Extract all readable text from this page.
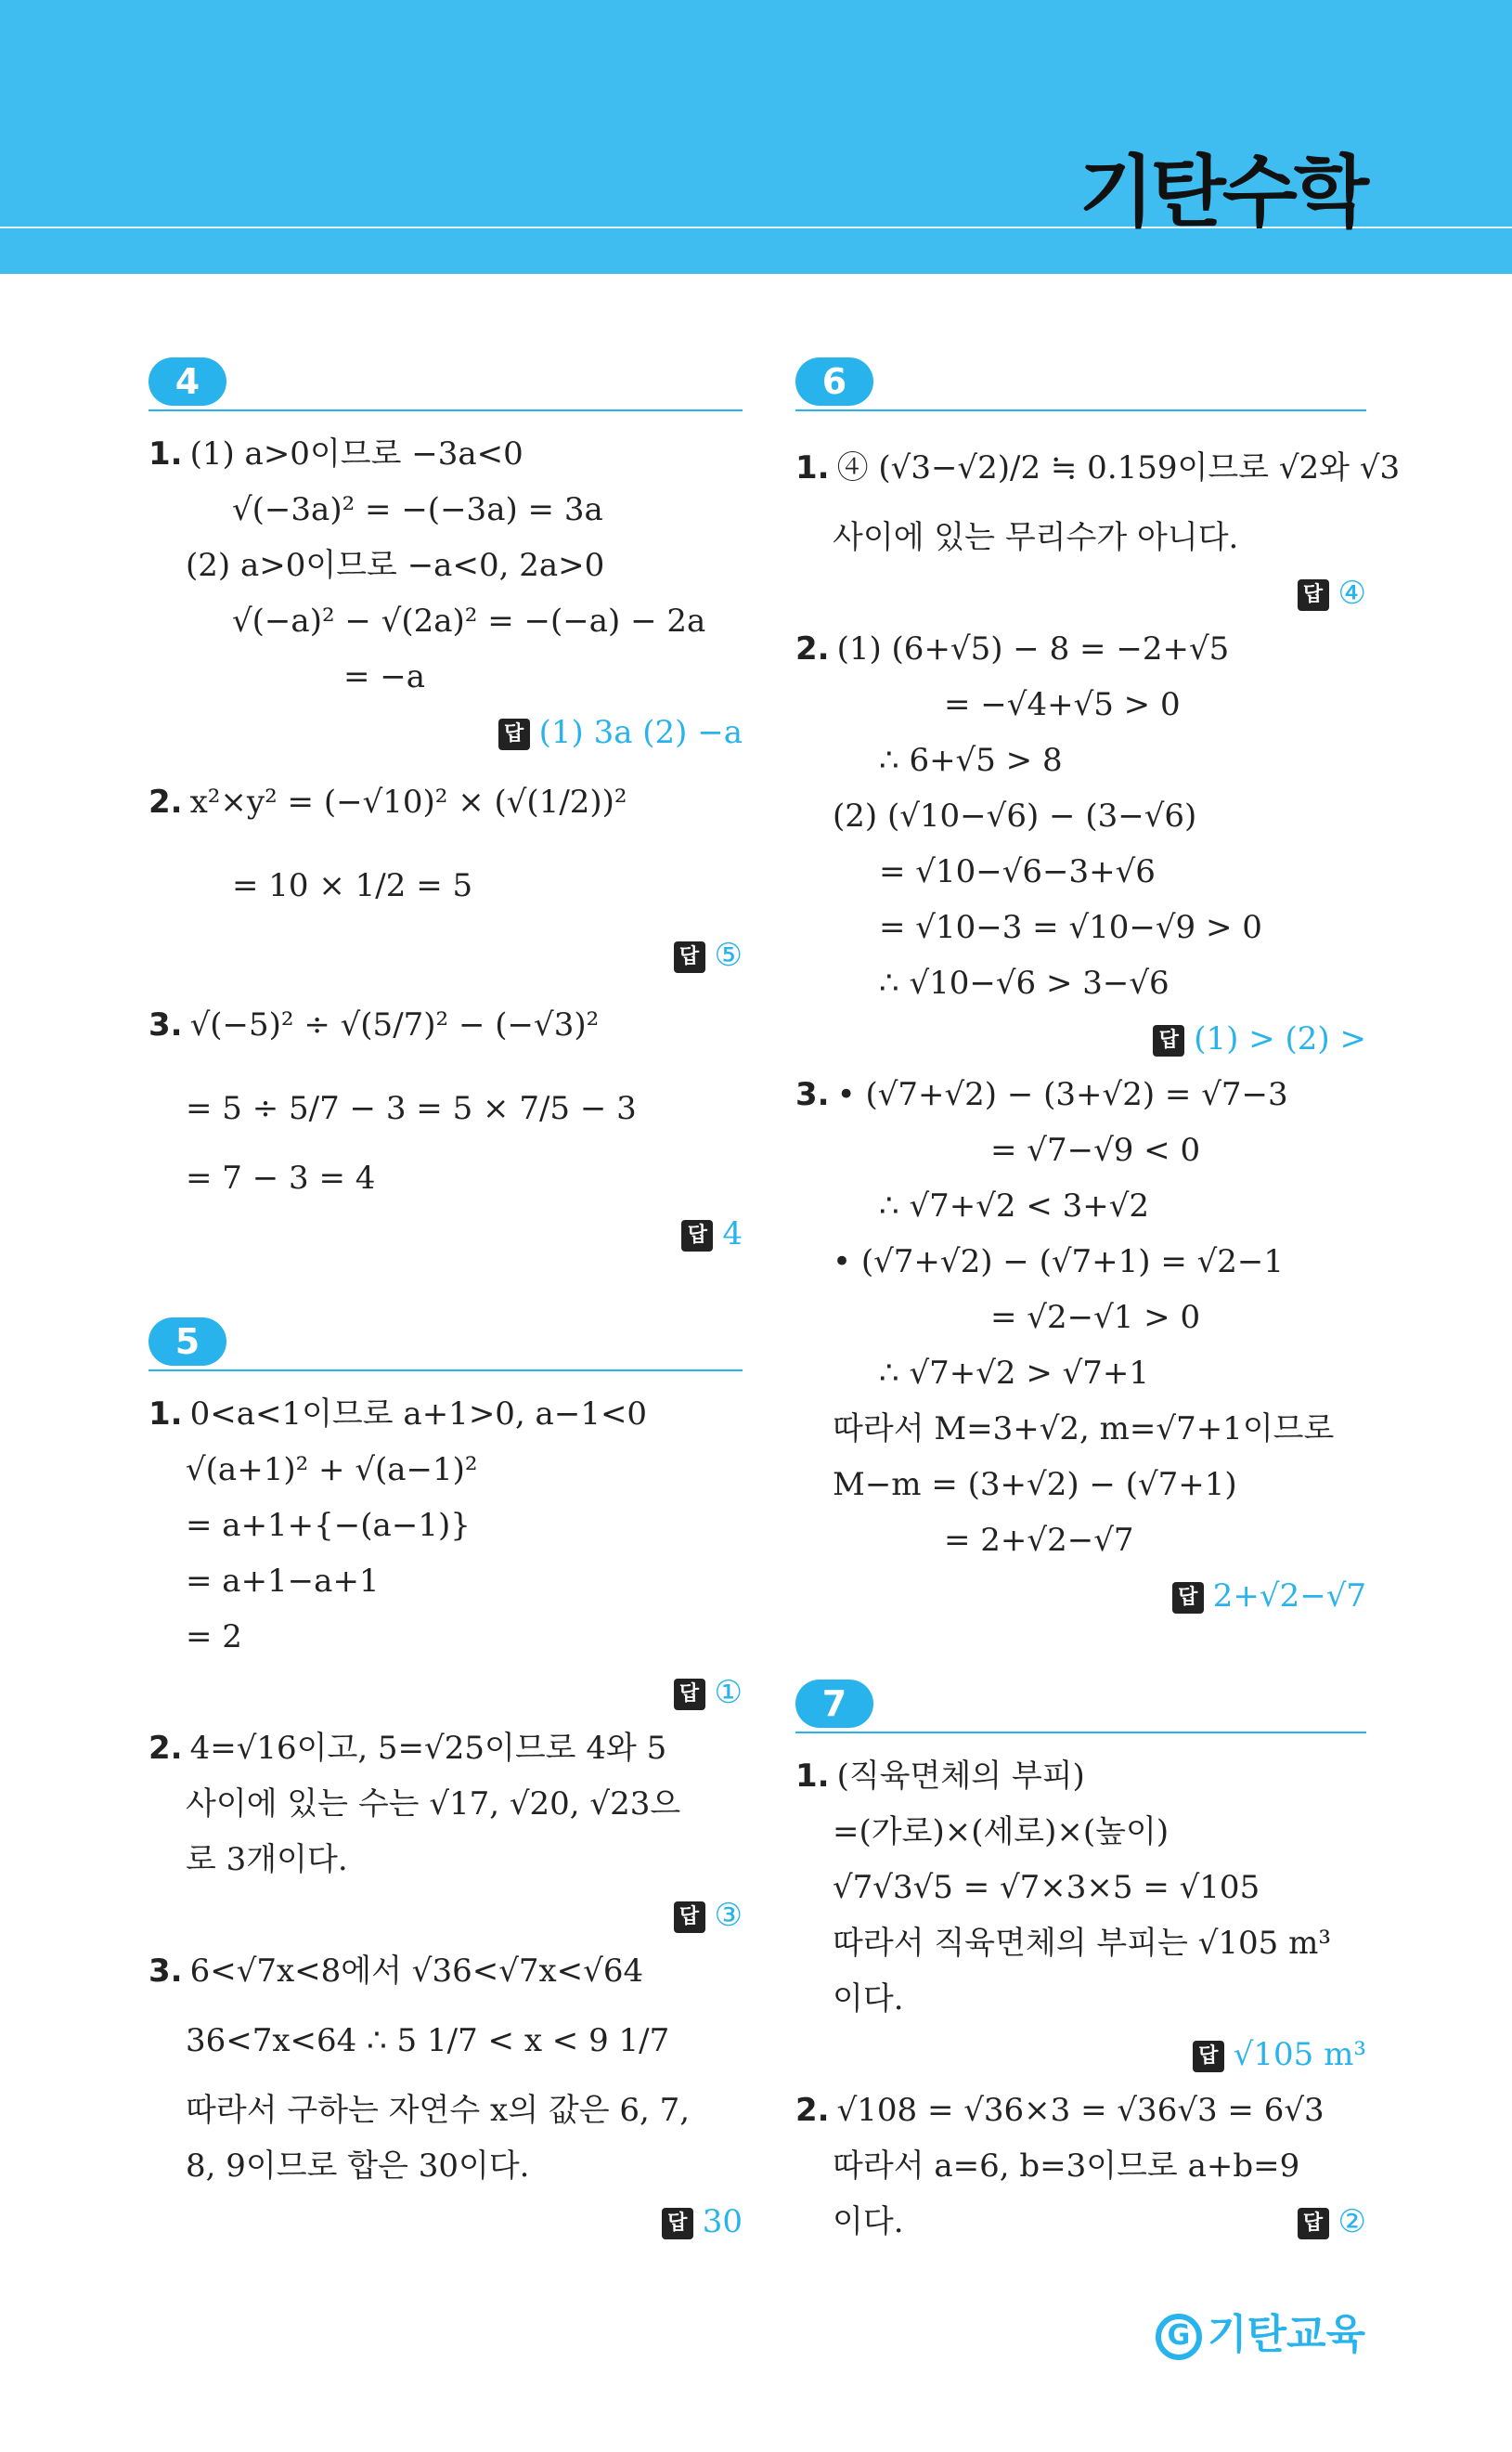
기탄수학
4
1. (1) a>0이므로 −3a<0
√(−3a)² = −(−3a) = 3a
(2) a>0이므로 −a<0, 2a>0
√(−a)² − √(2a)² = −(−a) − 2a
= −a
답 (1) 3a (2) −a
2. x²×y² = (−√10)² × (√(1/2))²
= 10 × 1/2 = 5
답 ⑤
3. √(−5)² ÷ √(5/7)² − (−√3)²
= 5 ÷ 5/7 − 3 = 5 × 7/5 − 3
= 7 − 3 = 4
답 4
5
1. 0<a<1이므로 a+1>0, a−1<0
√(a+1)² + √(a−1)²
= a+1+{−(a−1)}
= a+1−a+1
= 2
답 ①
2. 4=√16이고, 5=√25이므로 4와 5
사이에 있는 수는 √17, √20, √23으
로 3개이다.
답 ③
3. 6<√7x<8에서 √36<√7x<√64
36<7x<64 ∴ 5 1/7 < x < 9 1/7
따라서 구하는 자연수 x의 값은 6, 7,
8, 9이므로 합은 30이다.
답 30
6
1. ④ (√3−√2)/2 ≒ 0.159이므로 √2와 √3
사이에 있는 무리수가 아니다.
답 ④
2. (1) (6+√5) − 8 = −2+√5
= −√4+√5 > 0
∴ 6+√5 > 8
(2) (√10−√6) − (3−√6)
= √10−√6−3+√6
= √10−3 = √10−√9 > 0
∴ √10−√6 > 3−√6
답 (1) > (2) >
3. • (√7+√2) − (3+√2) = √7−3
= √7−√9 < 0
∴ √7+√2 < 3+√2
• (√7+√2) − (√7+1) = √2−1
= √2−√1 > 0
∴ √7+√2 > √7+1
따라서 M=3+√2, m=√7+1이므로
M−m = (3+√2) − (√7+1)
= 2+√2−√7
답 2+√2−√7
7
1. (직육면체의 부피)
=(가로)×(세로)×(높이)
√7√3√5 = √7×3×5 = √105
따라서 직육면체의 부피는 √105 m³
이다.
답 √105 m³
2. √108 = √36×3 = √36√3 = 6√3
따라서 a=6, b=3이므로 a+b=9
이다.	답 ②
G 기탄교육
